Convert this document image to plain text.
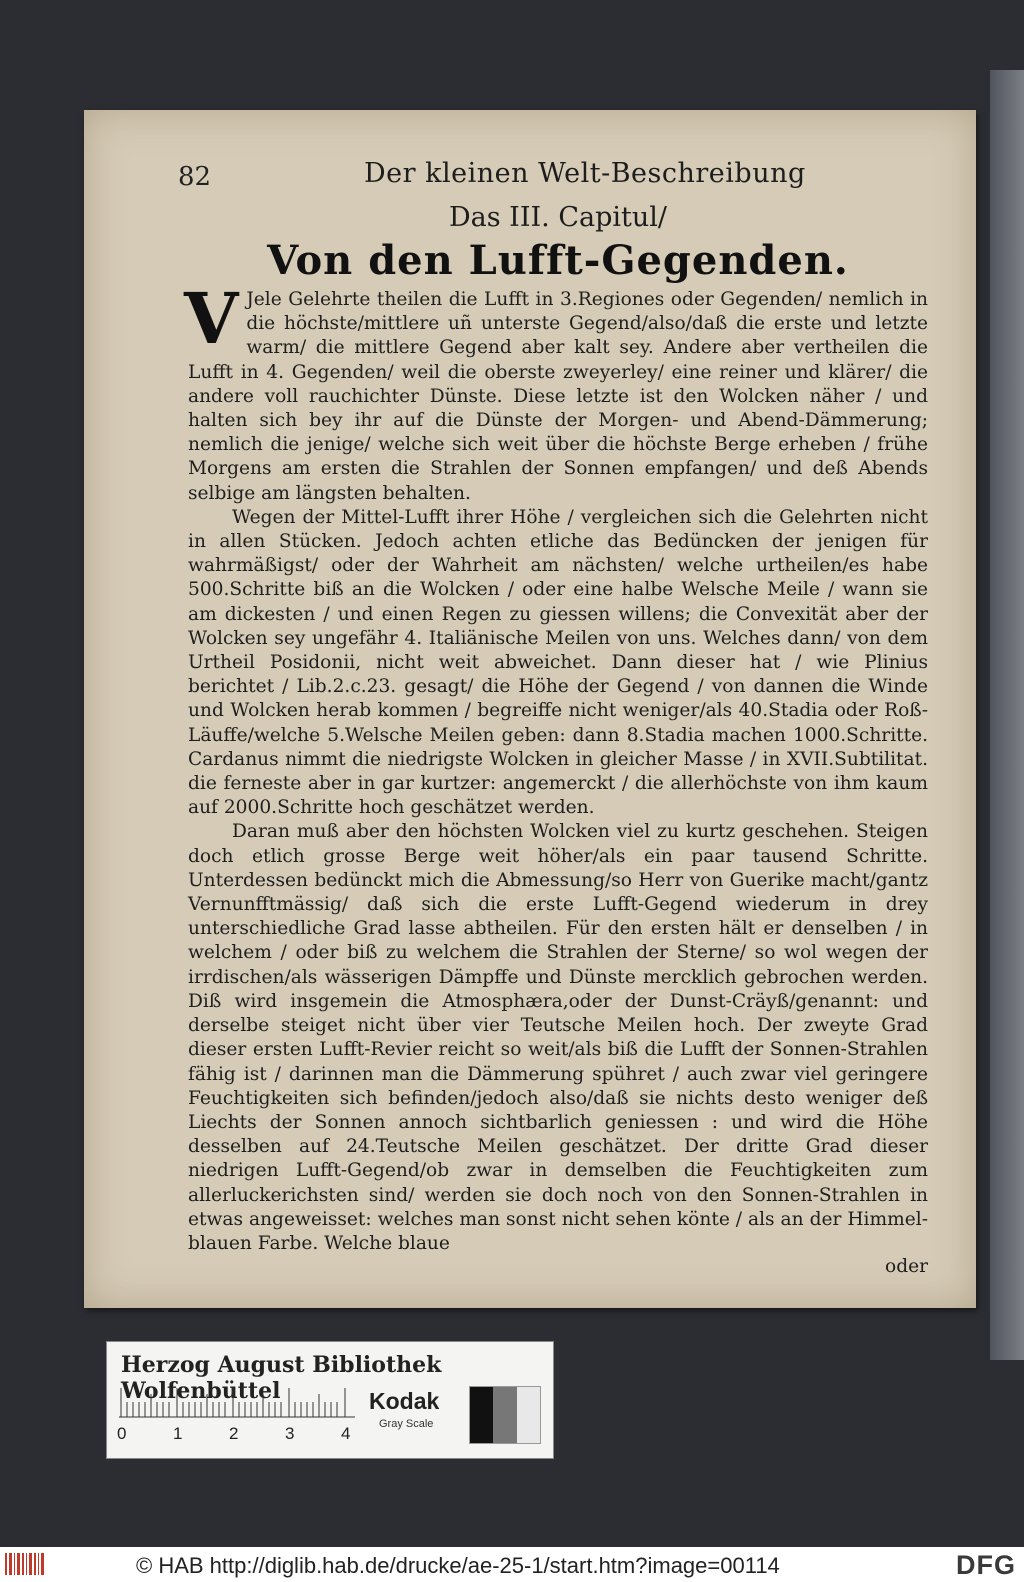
82	Der kleinen Welt-Beschreibung
Das III. Capitul/
Von den Lufft-Gegenden.

V Jele Gelehrte theilen die Lufft in 3.Regiones oder Gegenden/ nemlich in die höchste/mittlere uñ unterste Gegend/also/daß die erste und letzte warm/ die mittlere Gegend aber kalt sey. Andere aber vertheilen die Lufft in 4. Gegenden/ weil die oberste zweyerley/ eine reiner und klärer/ die andere voll rauchichter Dünste. Diese letzte ist den Wolcken näher / und halten sich bey ihr auf die Dünste der Morgen- und Abend-Dämmerung; nemlich die jenige/ welche sich weit über die höchste Berge erheben / frühe Morgens am ersten die Strahlen der Sonnen empfangen/ und deß Abends selbige am längsten behalten.

Wegen der Mittel-Lufft ihrer Höhe / vergleichen sich die Gelehrten nicht in allen Stücken. Jedoch achten etliche das Bedüncken der jenigen für wahrmäßigst/ oder der Wahrheit am nächsten/ welche urtheilen/es habe 500.Schritte biß an die Wolcken / oder eine halbe Welsche Meile / wann sie am dickesten / und einen Regen zu giessen willens; die Convexität aber der Wolcken sey ungefähr 4. Italiänische Meilen von uns. Welches dann/ von dem Urtheil Posidonii, nicht weit abweichet. Dann dieser hat / wie Plinius berichtet / Lib.2.c.23. gesagt/ die Höhe der Gegend / von dannen die Winde und Wolcken herab kommen / begreiffe nicht weniger/als 40.Stadia oder Roß-Läuffe/welche 5.Welsche Meilen geben: dann 8.Stadia machen 1000.Schritte. Cardanus nimmt die niedrigste Wolcken in gleicher Masse / in XVII.Subtilitat. die ferneste aber in gar kurtzer: angemerckt / die allerhöchste von ihm kaum auf 2000.Schritte hoch geschätzet werden.

Daran muß aber den höchsten Wolcken viel zu kurtz geschehen. Steigen doch etlich grosse Berge weit höher/als ein paar tausend Schritte. Unterdessen bedünckt mich die Abmessung/so Herr von Guerike macht/gantz Vernunfftmässig/ daß sich die erste Lufft-Gegend wiederum in drey unterschiedliche Grad lasse abtheilen. Für den ersten hält er denselben / in welchem / oder biß zu welchem die Strahlen der Sterne/ so wol wegen der irrdischen/als wässerigen Dämpffe und Dünste mercklich gebrochen werden. Diß wird insgemein die Atmosphæra,oder der Dunst-Cräyß/genannt: und derselbe steiget nicht über vier Teutsche Meilen hoch. Der zweyte Grad dieser ersten Lufft-Revier reicht so weit/als biß die Lufft der Sonnen-Strahlen fähig ist / darinnen man die Dämmerung spühret / auch zwar viel geringere Feuchtigkeiten sich befinden/jedoch also/daß sie nichts desto weniger deß Liechts der Sonnen annoch sichtbarlich geniessen : und wird die Höhe desselben auf 24.Teutsche Meilen geschätzet. Der dritte Grad dieser niedrigen Lufft-Gegend/ob zwar in demselben die Feuchtigkeiten zum allerluckerichsten sind/ werden sie doch noch von den Sonnen-Strahlen in etwas angeweisset: welches man sonst nicht sehen könte / als an der Himmel-blauen Farbe. Welche blaue

oder
Herzog August Bibliothek Wolfenbüttel
0	1	2	3	4
Kodak
Gray Scale
© HAB http://diglib.hab.de/drucke/ae-25-1/start.htm?image=00114	DFG
